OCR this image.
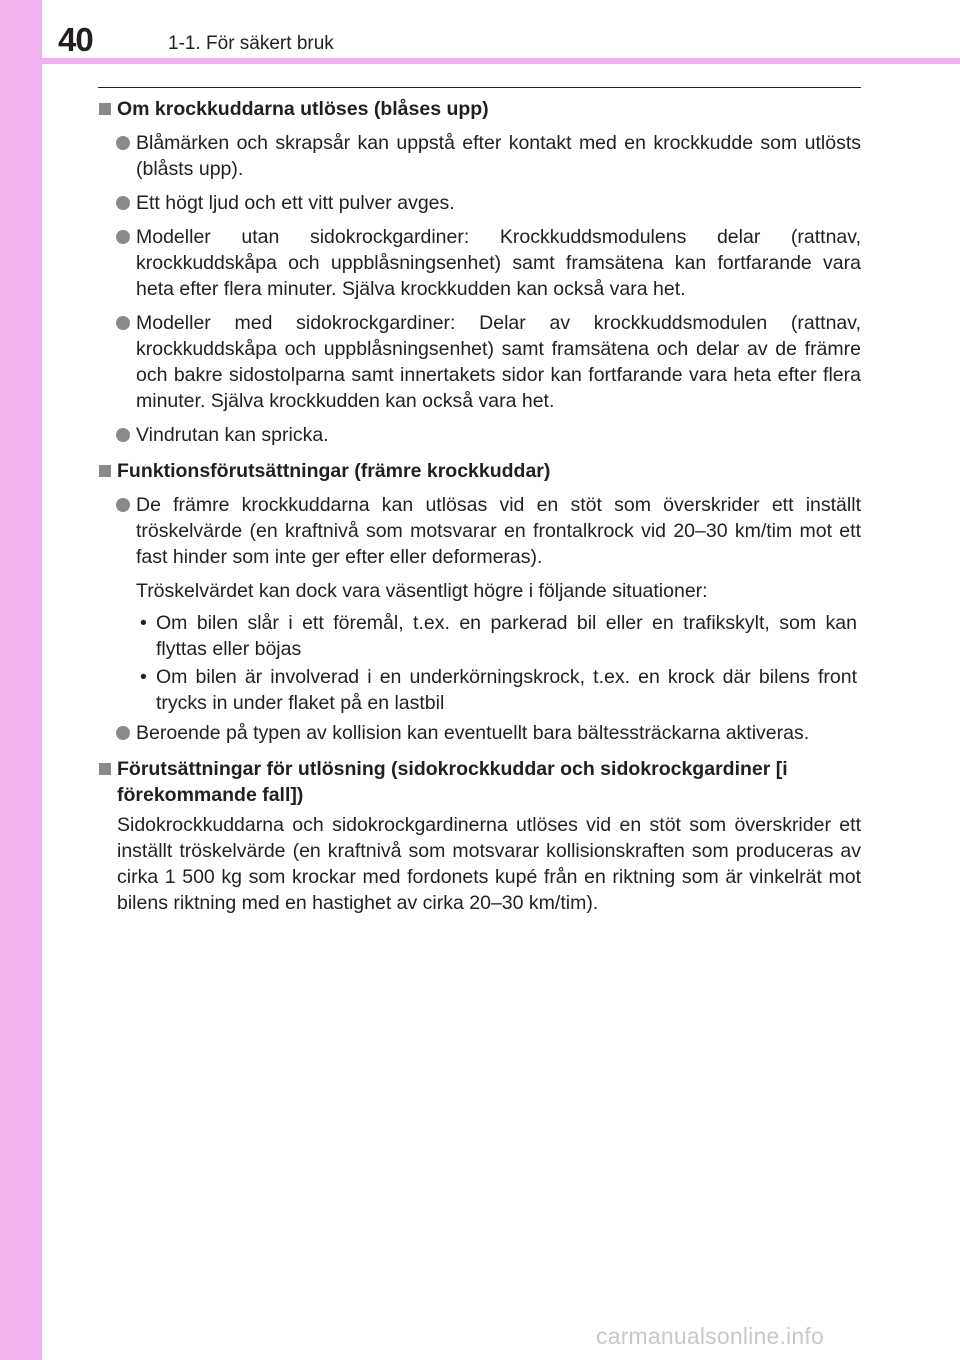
40	1-1. För säkert bruk
Om krockkuddarna utlöses (blåses upp)
Blåmärken och skrapsår kan uppstå efter kontakt med en krockkudde som utlösts (blåsts upp).
Ett högt ljud och ett vitt pulver avges.
Modeller utan sidokrockgardiner: Krockkuddsmodulens delar (rattnav, krockkuddskåpa och uppblåsningsenhet) samt framsätena kan fortfarande vara heta efter flera minuter. Själva krockkudden kan också vara het.
Modeller med sidokrockgardiner: Delar av krockkuddsmodulen (rattnav, krockkuddskåpa och uppblåsningsenhet) samt framsätena och delar av de främre och bakre sidostolparna samt innertakets sidor kan fortfarande vara heta efter flera minuter. Själva krockkudden kan också vara het.
Vindrutan kan spricka.
Funktionsförutsättningar (främre krockkuddar)
De främre krockkuddarna kan utlösas vid en stöt som överskrider ett inställt tröskelvärde (en kraftnivå som motsvarar en frontalkrock vid 20–30 km/tim mot ett fast hinder som inte ger efter eller deformeras).
Tröskelvärdet kan dock vara väsentligt högre i följande situationer:
• Om bilen slår i ett föremål, t.ex. en parkerad bil eller en trafikskylt, som kan flyttas eller böjas
• Om bilen är involverad i en underkörningskrock, t.ex. en krock där bilens front trycks in under flaket på en lastbil
Beroende på typen av kollision kan eventuellt bara bältessträckarna aktiveras.
Förutsättningar för utlösning (sidokrockkuddar och sidokrockgardiner [i förekommande fall])
Sidokrockkuddarna och sidokrockgardinerna utlöses vid en stöt som överskrider ett inställt tröskelvärde (en kraftnivå som motsvarar kollisionskraften som produceras av cirka 1 500 kg som krockar med fordonets kupé från en riktning som är vinkelrät mot bilens riktning med en hastighet av cirka 20–30 km/tim).
carmanualsonline.info
